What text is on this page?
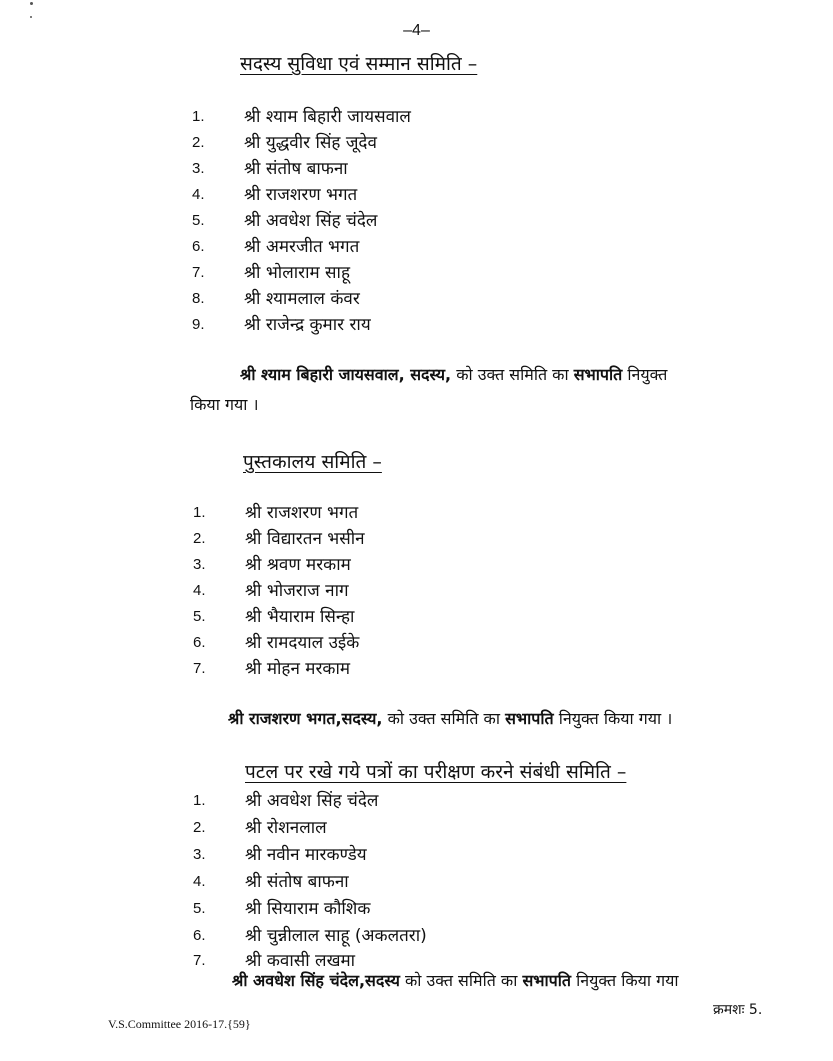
–4–
सदस्य सुविधा एवं सम्मान समिति –
1.	श्री श्याम बिहारी जायसवाल
2.	श्री युद्धवीर सिंह जूदेव
3.	श्री संतोष बाफना
4.	श्री राजशरण भगत
5.	श्री अवधेश सिंह चंदेल
6.	श्री अमरजीत भगत
7.	श्री भोलाराम साहू
8.	श्री श्यामलाल कंवर
9.	श्री राजेन्द्र कुमार राय
श्री श्याम बिहारी जायसवाल, सदस्य, को उक्त समिति का सभापति नियुक्त
किया गया ।
पुस्तकालय समिति –
1.	श्री राजशरण भगत
2.	श्री विद्यारतन भसीन
3.	श्री श्रवण मरकाम
4.	श्री भोजराज नाग
5.	श्री भैयाराम सिन्हा
6.	श्री रामदयाल उईके
7.	श्री मोहन मरकाम
श्री राजशरण भगत,सदस्य, को उक्त समिति का सभापति नियुक्त किया गया ।
पटल पर रखे गये पत्रों का परीक्षण करने संबंधी समिति –
1.	श्री अवधेश सिंह चंदेल
2.	श्री रोशनलाल
3.	श्री नवीन मारकण्डेय
4.	श्री संतोष बाफना
5.	श्री सियाराम कौशिक
6.	श्री चुन्नीलाल साहू (अकलतरा)
7.	श्री कवासी लखमा
श्री अवधेश सिंह चंदेल,सदस्य को उक्त समिति का सभापति नियुक्त किया गया
क्रमशः 5.
V.S.Committee 2016-17.{59}
